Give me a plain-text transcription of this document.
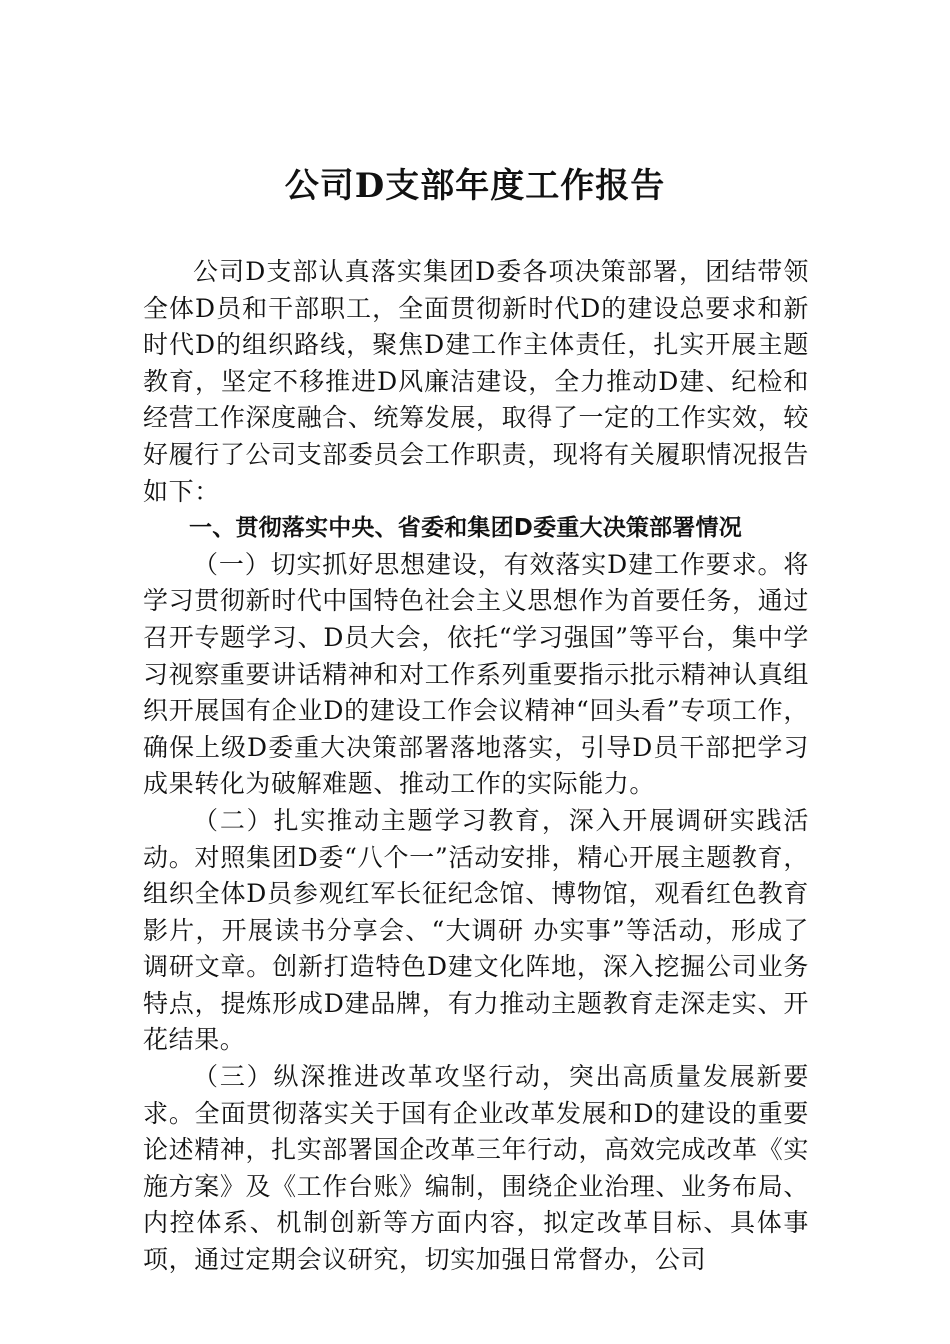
公司D支部年度工作报告

公司D支部认真落实集团D委各项决策部署，团结带领全体D员和干部职工，全面贯彻新时代D的建设总要求和新时代D的组织路线，聚焦D建工作主体责任，扎实开展主题教育，坚定不移推进D风廉洁建设，全力推动D建、纪检和经营工作深度融合、统筹发展，取得了一定的工作实效，较好履行了公司支部委员会工作职责，现将有关履职情况报告如下：

一、贯彻落实中央、省委和集团D委重大决策部署情况

（一）切实抓好思想建设，有效落实D建工作要求。将学习贯彻新时代中国特色社会主义思想作为首要任务，通过召开专题学习、D员大会，依托“学习强国”等平台，集中学习视察重要讲话精神和对工作系列重要指示批示精神认真组织开展国有企业D的建设工作会议精神“回头看”专项工作，确保上级D委重大决策部署落地落实，引导D员干部把学习成果转化为破解难题、推动工作的实际能力。

（二）扎实推动主题学习教育，深入开展调研实践活动。对照集团D委“八个一”活动安排，精心开展主题教育，组织全体D员参观红军长征纪念馆、博物馆，观看红色教育影片，开展读书分享会、“大调研 办实事”等活动，形成了调研文章。创新打造特色D建文化阵地，深入挖掘公司业务特点，提炼形成D建品牌，有力推动主题教育走深走实、开花结果。

（三）纵深推进改革攻坚行动，突出高质量发展新要求。全面贯彻落实关于国有企业改革发展和D的建设的重要论述精神，扎实部署国企改革三年行动，高效完成改革《实施方案》及《工作台账》编制，围绕企业治理、业务布局、内控体系、机制创新等方面内容，拟定改革目标、具体事项，通过定期会议研究，切实加强日常督办，公司
